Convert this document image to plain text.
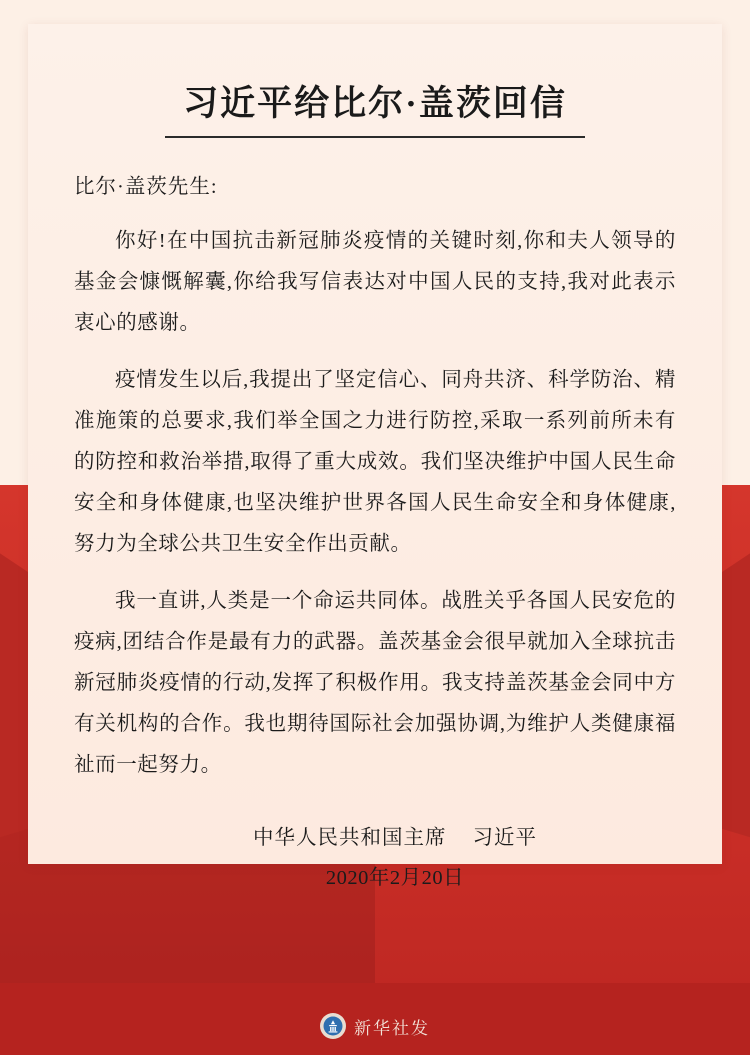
习近平给比尔·盖茨回信
比尔·盖茨先生:

你好!在中国抗击新冠肺炎疫情的关键时刻,你和夫人领导的基金会慷慨解囊,你给我写信表达对中国人民的支持,我对此表示衷心的感谢。

疫情发生以后,我提出了坚定信心、同舟共济、科学防治、精准施策的总要求,我们举全国之力进行防控,采取一系列前所未有的防控和救治举措,取得了重大成效。我们坚决维护中国人民生命安全和身体健康,也坚决维护世界各国人民生命安全和身体健康,努力为全球公共卫生安全作出贡献。

我一直讲,人类是一个命运共同体。战胜关乎各国人民安危的疫病,团结合作是最有力的武器。盖茨基金会很早就加入全球抗击新冠肺炎疫情的行动,发挥了积极作用。我支持盖茨基金会同中方有关机构的合作。我也期待国际社会加强协调,为维护人类健康福祉而一起努力。

中华人民共和国主席 习近平
2020年2月20日
新华社发
